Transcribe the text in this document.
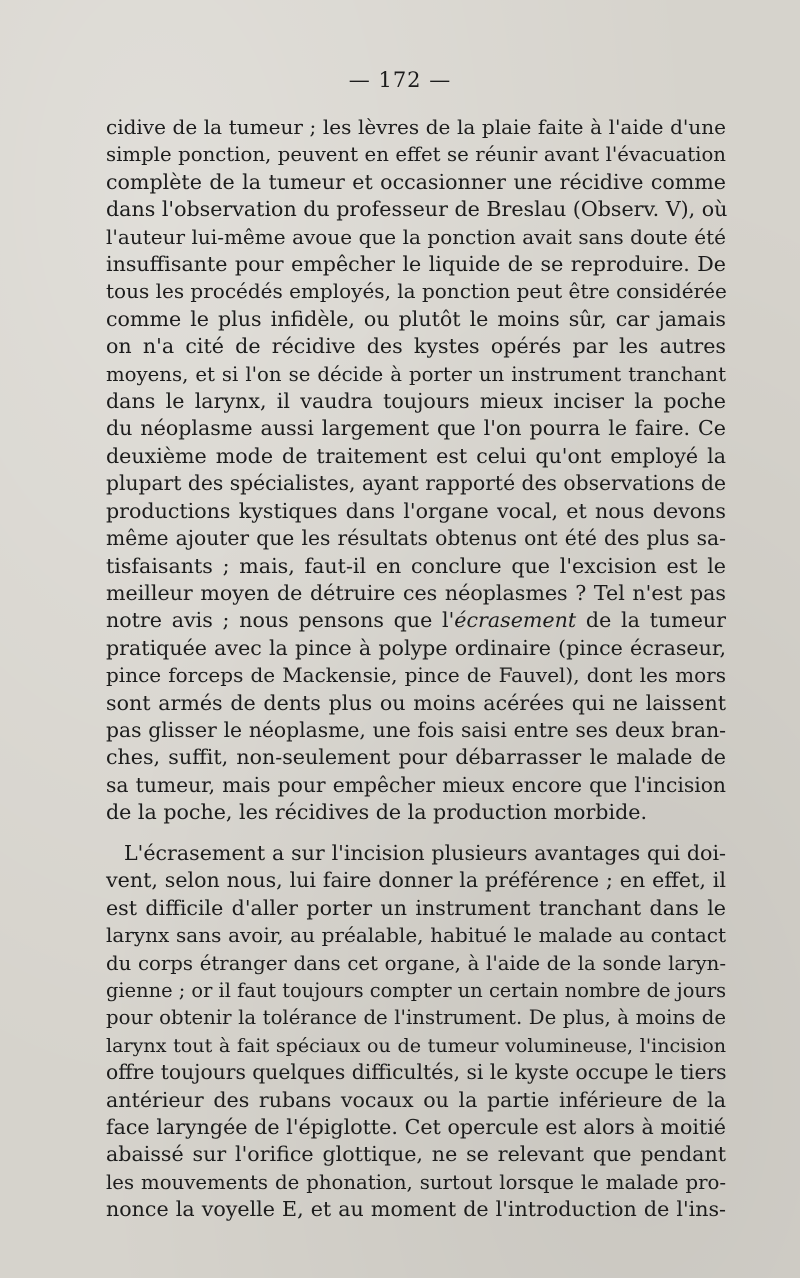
— 172 —
cidive de la tumeur ; les lèvres de la plaie faite à l'aide d'une
simple ponction, peuvent en effet se réunir avant l'évacuation
complète de la tumeur et occasionner une récidive comme
dans l'observation du professeur de Breslau (Observ. V), où
l'auteur lui-même avoue que la ponction avait sans doute été
insuffisante pour empêcher le liquide de se reproduire. De
tous les procédés employés, la ponction peut être considérée
comme le plus infidèle, ou plutôt le moins sûr, car jamais
on n'a cité de récidive des kystes opérés par les autres
moyens, et si l'on se décide à porter un instrument tranchant
dans le larynx, il vaudra toujours mieux inciser la poche
du néoplasme aussi largement que l'on pourra le faire. Ce
deuxième mode de traitement est celui qu'ont employé la
plupart des spécialistes, ayant rapporté des observations de
productions kystiques dans l'organe vocal, et nous devons
même ajouter que les résultats obtenus ont été des plus sa-
tisfaisants ; mais, faut-il en conclure que l'excision est le
meilleur moyen de détruire ces néoplasmes ? Tel n'est pas
notre avis ; nous pensons que l'écrasement de la tumeur
pratiquée avec la pince à polype ordinaire (pince écraseur,
pince forceps de Mackensie, pince de Fauvel), dont les mors
sont armés de dents plus ou moins acérées qui ne laissent
pas glisser le néoplasme, une fois saisi entre ses deux bran-
ches, suffit, non-seulement pour débarrasser le malade de
sa tumeur, mais pour empêcher mieux encore que l'incision
de la poche, les récidives de la production morbide.
L'écrasement a sur l'incision plusieurs avantages qui doi-
vent, selon nous, lui faire donner la préférence ; en effet, il
est difficile d'aller porter un instrument tranchant dans le
larynx sans avoir, au préalable, habitué le malade au contact
du corps étranger dans cet organe, à l'aide de la sonde laryn-
gienne ; or il faut toujours compter un certain nombre de jours
pour obtenir la tolérance de l'instrument. De plus, à moins de
larynx tout à fait spéciaux ou de tumeur volumineuse, l'incision
offre toujours quelques difficultés, si le kyste occupe le tiers
antérieur des rubans vocaux ou la partie inférieure de la
face laryngée de l'épiglotte. Cet opercule est alors à moitié
abaissé sur l'orifice glottique, ne se relevant que pendant
les mouvements de phonation, surtout lorsque le malade pro-
nonce la voyelle E, et au moment de l'introduction de l'ins-
